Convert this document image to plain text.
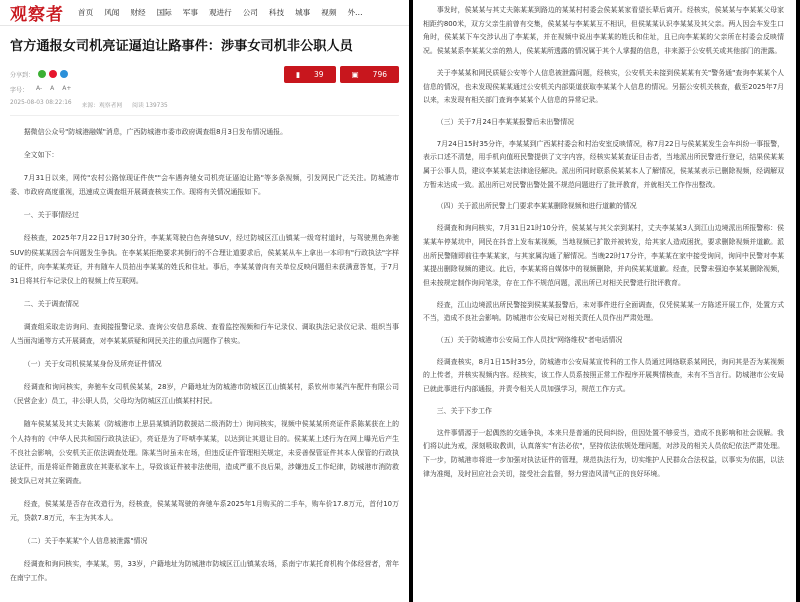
观察者 首页 风闻 财经 国际 军事 观进行 公司 科技 城事 视频 外…
官方通报女司机亮证逼迫让路事件：涉事女司机非公职人员
分享到：	▮	39	▣	796
字号： A- A A+
2025-08-03 08:22:16 来源：观察者网 阅读 139735

据微信公众号"防城港融媒"消息，广西防城港市委市政府调查组8月3日发布情况通报。

全文如下：

7月31日以来，网传"农村公路惊现证件侠""会车遇奔驰女司机亮证逼迫让路"等多条视频，引发网民广泛关注。防城港市委、市政府高度重视，迅速成立调查组开展调查核实工作。现将有关情况通报如下。

一、关于事情经过

经核查，2025年7月22日17时30分许，李某某驾驶白色奔驰SUV，经过防城区江山镇某一级弯村道时，与驾驶黑色奔驰SUV的侯某某因会车问题发生争执。在李某某拒绝要求其倒行的不合理让道要求后，侯某某从车上拿出一本印有"行政执法"字样的证件，向李某某亮证，并有随车人员拍出李某某的姓氏和住址。事后，李某某曾向有关单位反映问题但未获满意答复，于7月31日将其行车记录仪上的视频上传互联网。

二、关于调查情况

调查组采取走访询问、查阅接报警记录、查询公安信息系统、查看监控视频和行车记录仪、调取执法记录仪记录、组织当事人当面沟通等方式开展调查，对李某某质疑和网民关注的重点问题作了核实。

（一）关于女司机侯某某身份及所亮证件情况

经调查和询问核实，奔驰车女司机侯某某，28岁，户籍地址为防城港市防城区江山镇某村，系钦州市某汽车配件有限公司（民营企业）员工，非公职人员，父母均为防城区江山镇某村村民。

随车侯某某及其丈夫陈某（防城港市上思县某镇消防救援站二级消防士）询问核实，视频中侯某某所亮证件系陈某获在上的个人持有的《中华人民共和国行政执法证》，亮证是为了吓唬李某某，以达到让其退让目的。侯某某上述行为在网上曝光后产生不良社会影响，公安机关正依法调查处理。陈某当时虽未在场，但违反证件管理相关规定，未妥善保管证件其本人保管的行政执法证件，而是将证件随意放在其妻私家车上，导致该证件被非法使用，造成严重不良后果，涉嫌违反工作纪律，防城港市消防救援支队已对其立案调查。

经查，侯某某是否存在改造行为，经核查，侯某某驾驶的奔驰车系2025年1月购买的二手车，购车价17.8万元，首付10万元，贷款7.8万元，车主为其本人。

（二）关于李某某"个人信息被泄露"情况

经调查和询问核实，李某某，男，33岁，户籍地址为防城港市防城区江山镇某农场，系南宁市某托育机构个体经营者，常年在南宁工作。

事发时，侯某某与其丈夫陈某某到路边的某某村村委会侯某某家看望长辈后离开。经核实，侯某某与李某某父母家相距约800米，双方父亲生前曾有交集，侯某某与李某某互不相识，但侯某某认识李某某及其父亲。两人因会车发生口角时，侯某某下车交涉认出了李某某，并在视频中说出李某某的姓氏和住址，且已向李某某的父亲所在村委会反映情况。侯某某系李某某父亲的熟人，侯某某所透露的情况属于其个人掌握的信息，非来源于公安机关或其他部门的泄露。

关于李某某和网民质疑公安等个人信息被泄露问题，经核实，公安机关未接到侯某某有关"警务通"查询李某某个人信息的情况，也未发现侯某某通过公安机关内部渠道获取李某某个人信息的情况。另据公安机关核查，截至2025年7月以来，未发现有相关部门查询李某某个人信息的异常记录。

（三）关于7月24日李某某报警后未出警情况

7月24日15时35分许，李某某到广西某村委会和村治安室反映情况，称7月22日与侯某某发生会车纠纷一事报警，表示口述不清楚，用手机向值班民警提供了文字内容，经核实某某查证目击者，当地派出所民警进行登记，结果侯某某属于公事人员，建议李某某走法律途径解决。派出所同时联系侯某某本人了解情况，侯某某表示已删除视频，经调解双方暂未达成一致。派出所已对民警出警处置不规范问题进行了批评教育，并就相关工作作出整改。

（四）关于派出所民警上门要求李某某删除视频和进行道歉的情况

经调查和询问核实，7月31日21时10分许，侯某某与其父亲到某村，丈夫李某某3人到江山边境派出所报警称：侯某某车停某坑中，网民在抖音上发布某视频，当地视频已扩散并被转发，给其家人造成困扰，要求删除视频并道歉。派出所民警随即前往李某某家，与其家属沟通了解情况。当晚22时17分许，李某某在家中接受询问，询问中民警对李某某提出删除视频的建议。此后，李某某将自媒体中的视频删除，并向侯某某道歉。经查，民警未强迫李某某删除视频，但未按规定制作询问笔录，存在工作不规范问题，派出所已对相关民警进行批评教育。

经查，江山边境派出所民警接到侯某某报警后，未对事件进行全面调查，仅凭侯某某一方陈述开展工作，处置方式不当，造成不良社会影响。防城港市公安局已对相关责任人员作出严肃处理。

（五）关于防城港市公安局工作人员找"网络维权"者电话情况

经调查核实，8月1日15时35分，防城港市公安局某宣传科的工作人员通过网络联系某网民，询问其是否为某视频的上传者，并核实视频内容。经核实，该工作人员系按照正常工作程序开展舆情核查，未有不当言行。防城港市公安局已就此事进行内部通报，并责令相关人员加强学习，规范工作方式。

三、关于下步工作

这件事情源于一起偶然的交通争执，本来只是普通的民间纠纷，但因处置不够妥当，造成不良影响和社会误解。我们将以此为戒，深刻吸取教训，认真落实"有法必依"，坚持依法依规处理问题，对涉及的相关人员依纪依法严肃处理。下一步，防城港市将进一步加强对执法证件的管理，规范执法行为，切实维护人民群众合法权益，以事实为依据，以法律为准绳，及时回应社会关切，接受社会监督，努力营造风清气正的良好环境。
